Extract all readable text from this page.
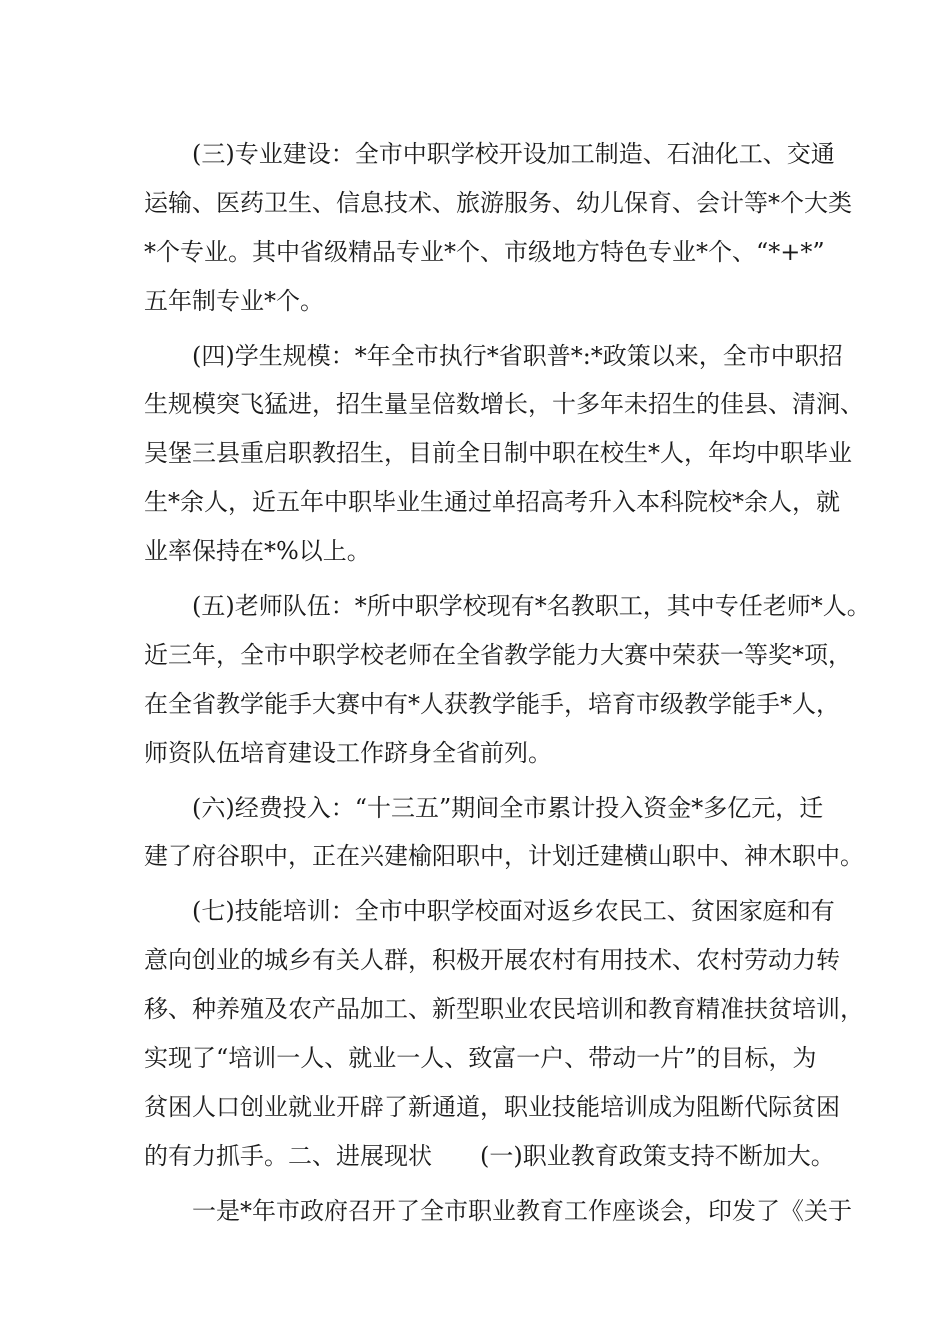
　　(三)专业建设：全市中职学校开设加工制造、石油化工、交通
运输、医药卫生、信息技术、旅游服务、幼儿保育、会计等*个大类
*个专业。其中省级精品专业*个、市级地方特色专业*个、“*+*”
五年制专业*个。
　　(四)学生规模：*年全市执行*省职普*:*政策以来，全市中职招
生规模突飞猛进，招生量呈倍数增长，十多年未招生的佳县、清涧、
吴堡三县重启职教招生，目前全日制中职在校生*人，年均中职毕业
生*余人，近五年中职毕业生通过单招高考升入本科院校*余人，就
业率保持在*%以上。
　　(五)老师队伍：*所中职学校现有*名教职工，其中专任老师*人。
近三年，全市中职学校老师在全省教学能力大赛中荣获一等奖*项，
在全省教学能手大赛中有*人获教学能手，培育市级教学能手*人，
师资队伍培育建设工作跻身全省前列。
　　(六)经费投入：“十三五”期间全市累计投入资金*多亿元，迁
建了府谷职中，正在兴建榆阳职中，计划迁建横山职中、神木职中。
　　(七)技能培训：全市中职学校面对返乡农民工、贫困家庭和有
意向创业的城乡有关人群，积极开展农村有用技术、农村劳动力转
移、种养殖及农产品加工、新型职业农民培训和教育精准扶贫培训，
实现了“培训一人、就业一人、致富一户、带动一片”的目标，为
贫困人口创业就业开辟了新通道，职业技能培训成为阻断代际贫困
的有力抓手。二、进展现状　　(一)职业教育政策支持不断加大。
　　一是*年市政府召开了全市职业教育工作座谈会，印发了《关于
